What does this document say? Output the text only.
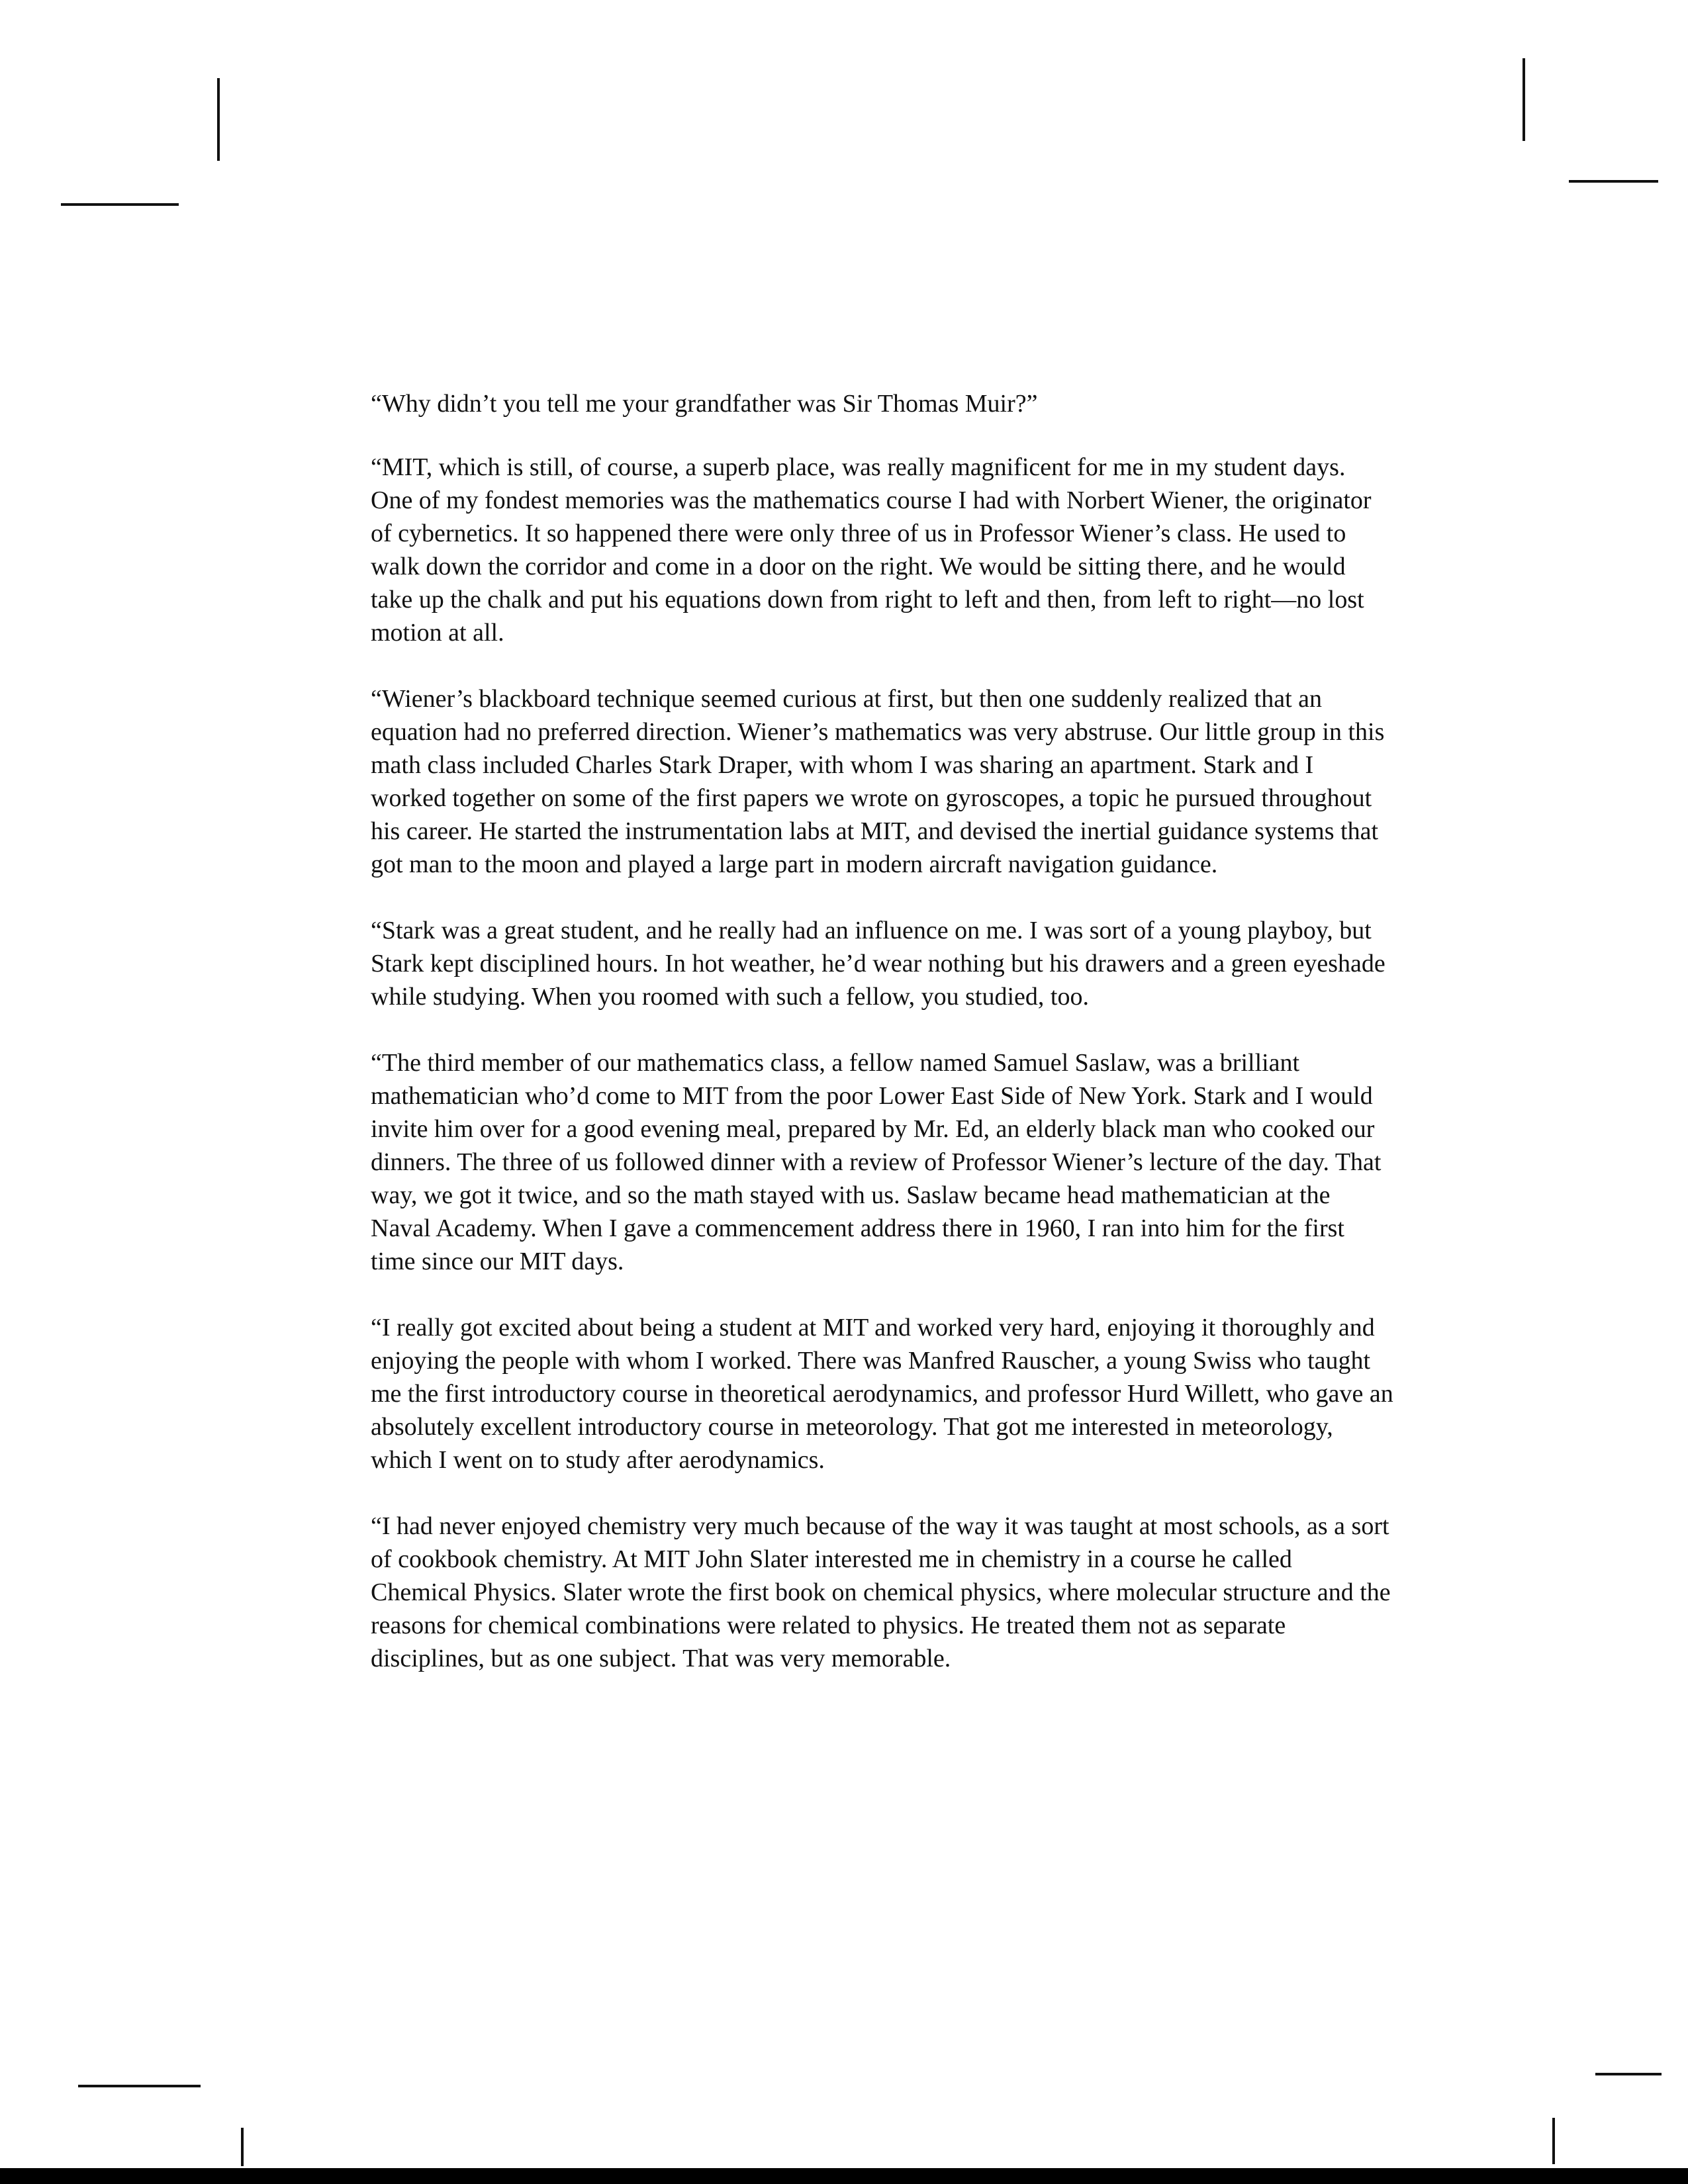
“Why didn’t you tell me your grandfather was Sir Thomas Muir?”

“MIT, which is still, of course, a superb place, was really magnificent for me in my student days. One of my fondest memories was the mathematics course I had with Norbert Wiener, the originator of cybernetics. It so happened there were only three of us in Professor Wiener’s class. He used to walk down the corridor and come in a door on the right. We would be sitting there, and he would take up the chalk and put his equations down from right to left and then, from left to right—no lost motion at all.

“Wiener’s blackboard technique seemed curious at first, but then one suddenly realized that an equation had no preferred direction. Wiener’s mathematics was very abstruse. Our little group in this math class included Charles Stark Draper, with whom I was sharing an apartment. Stark and I worked together on some of the first papers we wrote on gyroscopes, a topic he pursued throughout his career. He started the instrumentation labs at MIT, and devised the inertial guidance systems that got man to the moon and played a large part in modern aircraft navigation guidance.

“Stark was a great student, and he really had an influence on me. I was sort of a young playboy, but Stark kept disciplined hours. In hot weather, he’d wear nothing but his drawers and a green eyeshade while studying. When you roomed with such a fellow, you studied, too.

“The third member of our mathematics class, a fellow named Samuel Saslaw, was a brilliant mathematician who’d come to MIT from the poor Lower East Side of New York. Stark and I would invite him over for a good evening meal, prepared by Mr. Ed, an elderly black man who cooked our dinners. The three of us followed dinner with a review of Professor Wiener’s lecture of the day. That way, we got it twice, and so the math stayed with us. Saslaw became head mathematician at the Naval Academy. When I gave a commencement address there in 1960, I ran into him for the first time since our MIT days.

“I really got excited about being a student at MIT and worked very hard, enjoying it thoroughly and enjoying the people with whom I worked. There was Manfred Rauscher, a young Swiss who taught me the first introductory course in theoretical aerodynamics, and professor Hurd Willett, who gave an absolutely excellent introductory course in meteorology. That got me interested in meteorology, which I went on to study after aerodynamics.

“I had never enjoyed chemistry very much because of the way it was taught at most schools, as a sort of cookbook chemistry. At MIT John Slater interested me in chemistry in a course he called Chemical Physics. Slater wrote the first book on chemical physics, where molecular structure and the reasons for chemical combinations were related to physics. He treated them not as separate disciplines, but as one subject. That was very memorable.
